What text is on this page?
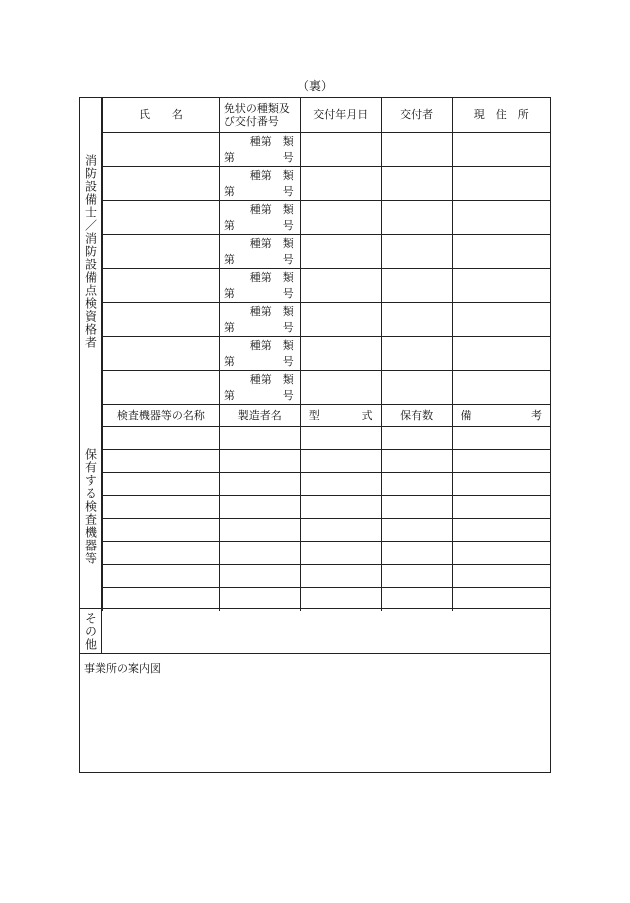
（裏）
消防設備士／消防設備点検資格者
氏　　名	免状の種類及び交付番号	交付年月日	交付者	現　住　所

	種第　類
第 号			

	種第　類
第 号			

	種第　類
第 号			

	種第　類
第 号			

	種第　類
第 号			

	種第　類
第 号			

	種第　類
第 号			

	種第　類
第 号			

保有する検査機器等
検査機器等の名称	製造者名	型 式	保有数	備 考

その他
事業所の案内図
